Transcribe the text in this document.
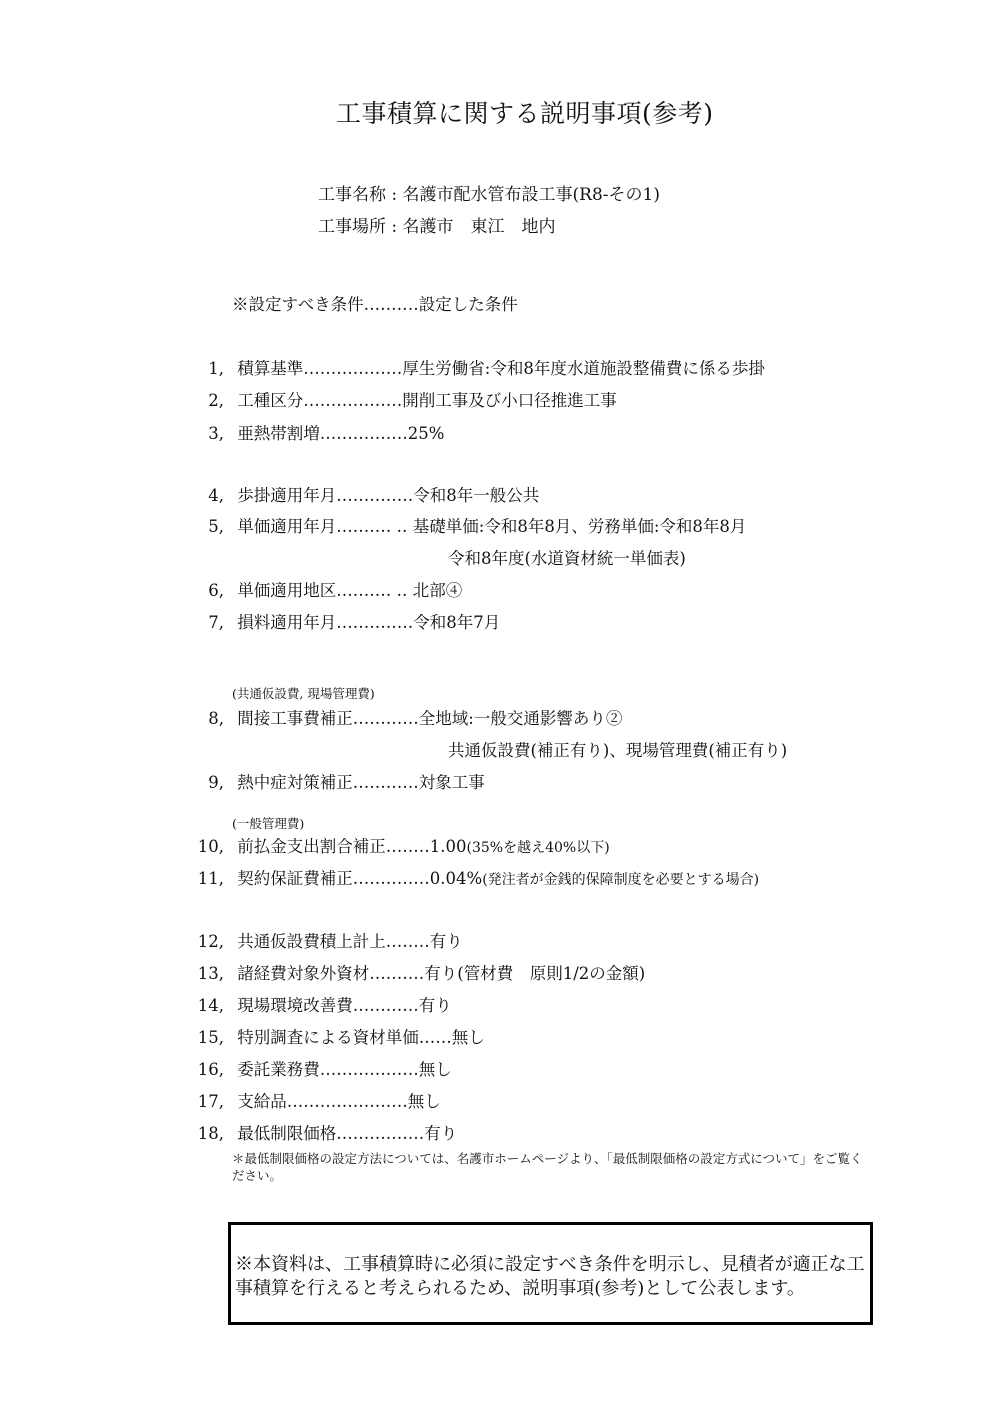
工事積算に関する説明事項(参考)
工事名称 : 名護市配水管布設工事(R8-その1)
工事場所 : 名護市　東江　地内
※設定すべき条件‥‥‥‥‥設定した条件
1, 積算基準‥‥‥‥‥‥‥‥‥厚生労働省:令和8年度水道施設整備費に係る歩掛
2, 工種区分‥‥‥‥‥‥‥‥‥開削工事及び小口径推進工事
3, 亜熱帯割増‥‥‥‥‥‥‥‥25%
4, 歩掛適用年月‥‥‥‥‥‥‥令和8年一般公共
5, 単価適用年月‥‥‥‥‥ ‥ 基礎単価:令和8年8月、労務単価:令和8年8月
令和8年度(水道資材統一単価表)
6, 単価適用地区‥‥‥‥‥ ‥ 北部④
7, 損料適用年月‥‥‥‥‥‥‥令和8年7月
(共通仮設費, 現場管理費)
8, 間接工事費補正‥‥‥‥‥‥全地域:一般交通影響あり②
共通仮設費(補正有り)、現場管理費(補正有り)
9, 熱中症対策補正‥‥‥‥‥‥対象工事
(一般管理費)
10, 前払金支出割合補正‥‥‥‥1.00(35%を越え40%以下)
11, 契約保証費補正‥‥‥‥‥‥‥0.04%(発注者が金銭的保障制度を必要とする場合)
12, 共通仮設費積上計上‥‥‥‥有り
13, 諸経費対象外資材‥‥‥‥‥有り(管材費　原則1/2の金額)
14, 現場環境改善費‥‥‥‥‥‥有り
15, 特別調査による資材単価‥‥‥無し
16, 委託業務費‥‥‥‥‥‥‥‥‥無し
17, 支給品‥‥‥‥‥‥‥‥‥‥‥無し
18, 最低制限価格‥‥‥‥‥‥‥‥有り
＊最低制限価格の設定方法については、名護市ホームページより、「最低制限価格の設定方式について」をご覧ください。
※本資料は、工事積算時に必須に設定すべき条件を明示し、見積者が適正な工事積算を行えると考えられるため、説明事項(参考)として公表します。
